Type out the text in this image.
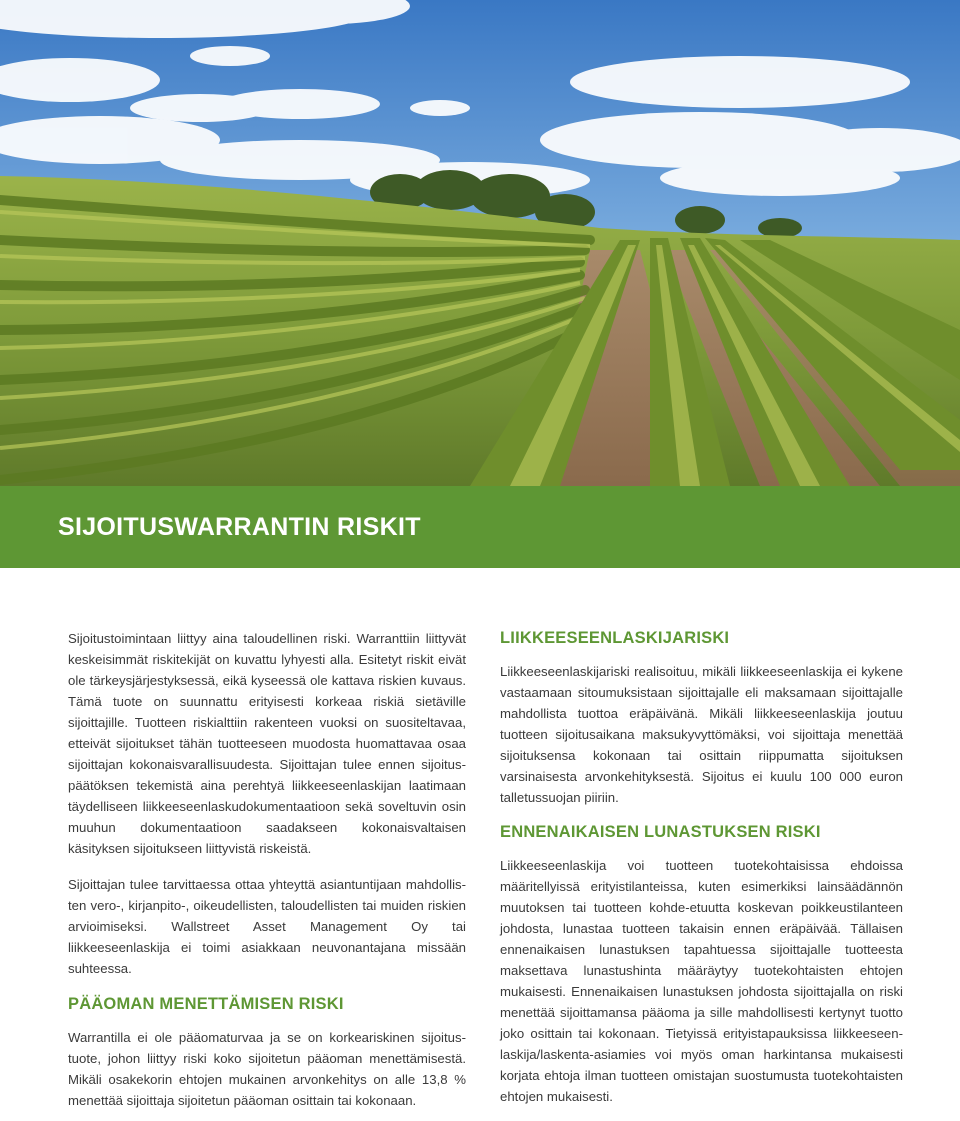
SIJOITUSWARRANTIN RISKIT

Sijoitustoimintaan liittyy aina taloudellinen riski. Warranttiin liittyvät keskeisimmät riskitekijät on kuvattu lyhyesti alla. Esitetyt riskit eivät ole tärkeysjärjestyksessä, eikä kyseessä ole kattava riskien kuvaus. Tämä tuote on suunnattu erityisesti korkeaa riskiä sietäville sijoittajille. Tuotteen riskialttiin rakenteen vuoksi on suositeltavaa, etteivät sijoitukset tähän tuotteeseen muodosta huomattavaa osaa sijoittajan kokonaisvarallisuudesta. Sijoittajan tulee ennen sijoituspäätöksen tekemistä aina perehtyä liikkeeseenlaskijan laatimaan täydelliseen liikkeeseenlaskudokumentaatioon sekä soveltuvin osin muuhun dokumentaatioon saadakseen kokonaisvaltaisen käsityksen sijoitukseen liittyvistä riskeistä.

Sijoittajan tulee tarvittaessa ottaa yhteyttä asiantuntijaan mahdollisten vero-, kirjanpito-, oikeudellisten, taloudellisten tai muiden riskien arvioimiseksi. Wallstreet Asset Management Oy tai liikkeeseenlaskija ei toimi asiakkaan neuvonantajana missään suhteessa.

PÄÄOMAN MENETTÄMISEN RISKI

Warrantilla ei ole pääomaturvaa ja se on korkeariskinen sijoitustuote, johon liittyy riski koko sijoitetun pääoman menettämisestä. Mikäli osakekorin ehtojen mukainen arvonkehitys on alle 13,8 % menettää sijoittaja sijoitetun pääoman osittain tai kokonaan.

LIIKKEESEENLASKIJARISKI

Liikkeeseenlaskijariski realisoituu, mikäli liikkeeseenlaskija ei kykene vastaamaan sitoumuksistaan sijoittajalle eli maksamaan sijoittajalle mahdollista tuottoa eräpäivänä. Mikäli liikkeeseenlaskija joutuu tuotteen sijoitusaikana maksukyvyttömäksi, voi sijoittaja menettää sijoituksensa kokonaan tai osittain riippumatta sijoituksen varsinaisesta arvonkehityksestä. Sijoitus ei kuulu 100 000 euron talletussuojan piiriin.

ENNENAIKAISEN LUNASTUKSEN RISKI

Liikkeeseenlaskija voi tuotteen tuotekohtaisissa ehdoissa määritellyissä erityistilanteissa, kuten esimerkiksi lainsäädännön muutoksen tai tuotteen kohde-etuutta koskevan poikkeustilanteen johdosta, lunastaa tuotteen takaisin ennen eräpäivää. Tällaisen ennenaikaisen lunastuksen tapahtuessa sijoittajalle tuotteesta maksettava lunastushinta määräytyy tuotekohtaisten ehtojen mukaisesti. Ennenaikaisen lunastuksen johdosta sijoittajalla on riski menettää sijoittamansa pääoma ja sille mahdollisesti kertynyt tuotto joko osittain tai kokonaan. Tietyissä erityistapauksissa liikkeeseenlaskija/laskenta-asiamies voi myös oman harkintansa mukaisesti korjata ehtoja ilman tuotteen omistajan suostumusta tuotekohtaisten ehtojen mukaisesti.
